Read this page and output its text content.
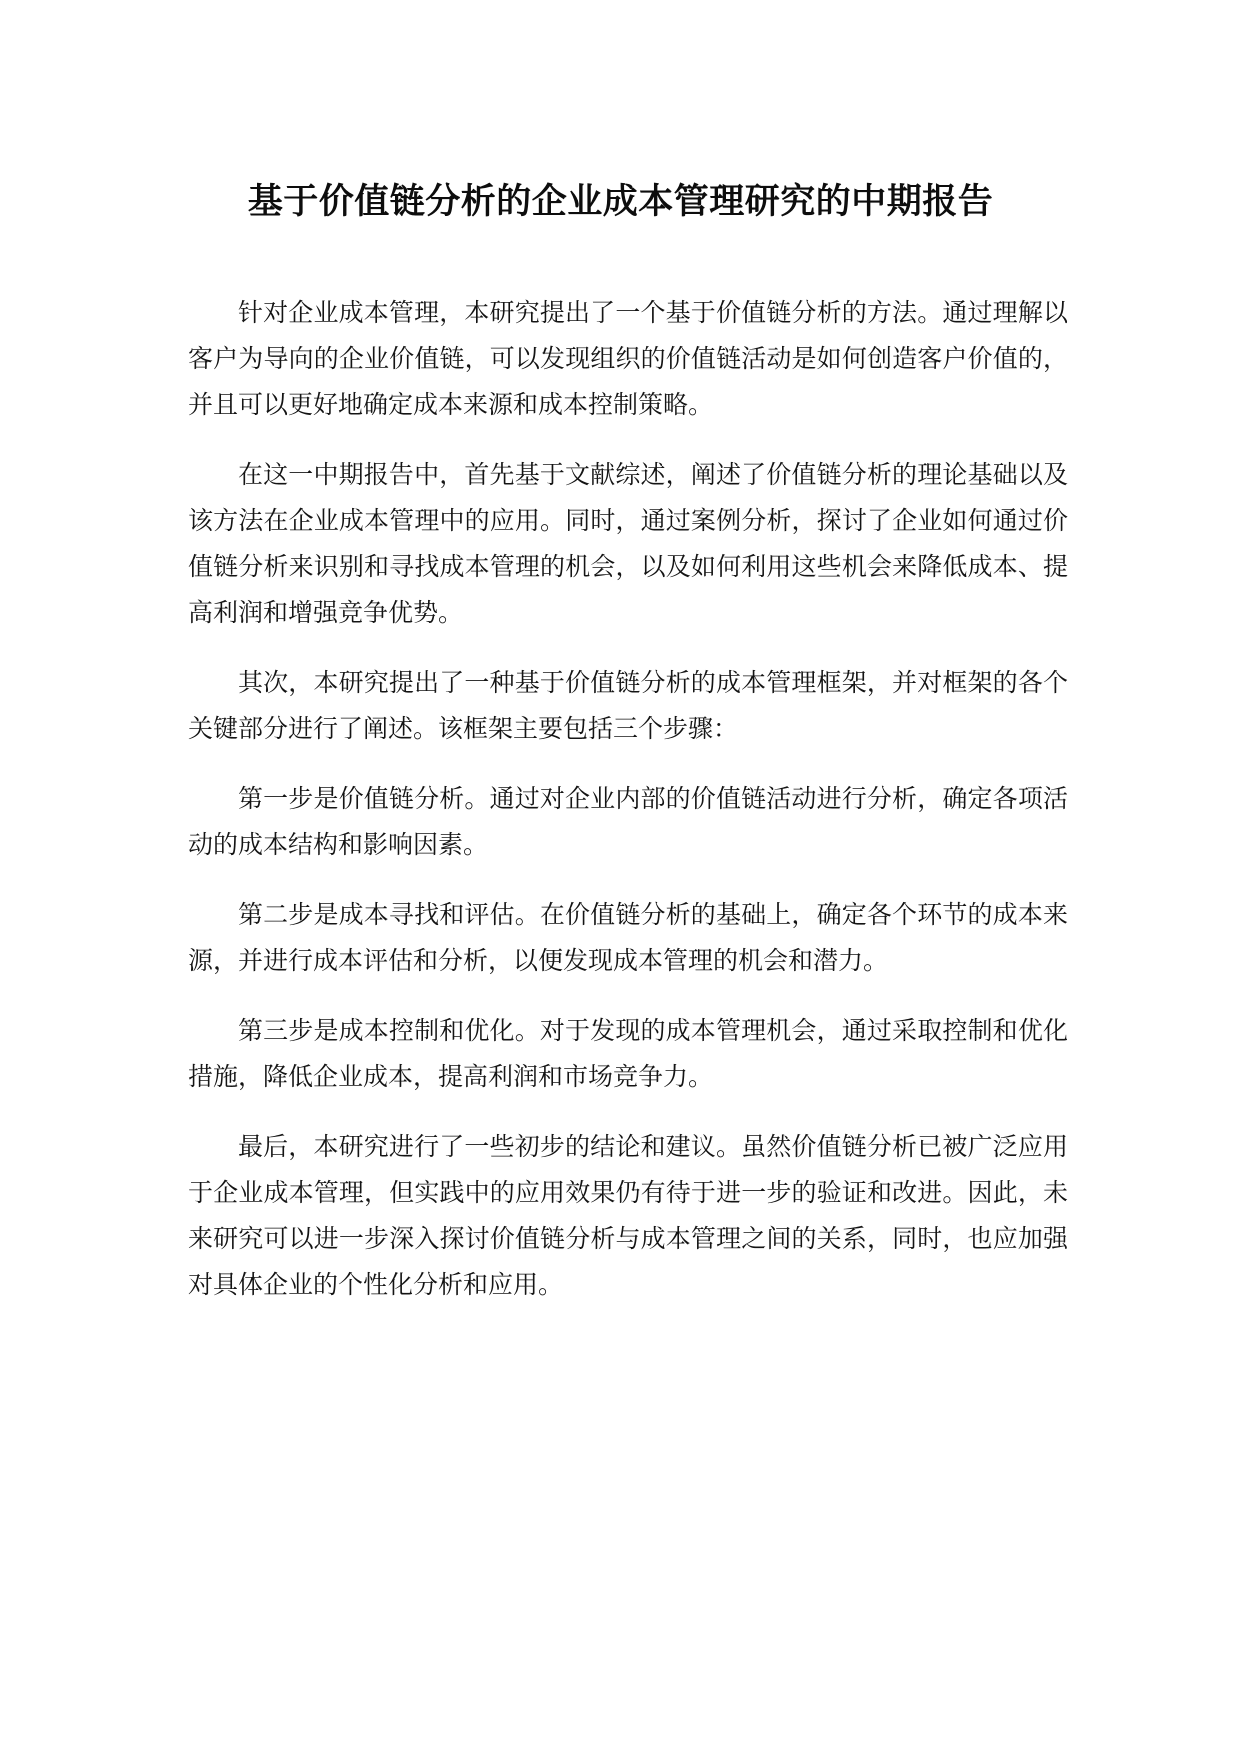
基于价值链分析的企业成本管理研究的中期报告

针对企业成本管理，本研究提出了一个基于价值链分析的方法。通过理解以客户为导向的企业价值链，可以发现组织的价值链活动是如何创造客户价值的，并且可以更好地确定成本来源和成本控制策略。

在这一中期报告中，首先基于文献综述，阐述了价值链分析的理论基础以及该方法在企业成本管理中的应用。同时，通过案例分析，探讨了企业如何通过价值链分析来识别和寻找成本管理的机会，以及如何利用这些机会来降低成本、提高利润和增强竞争优势。

其次，本研究提出了一种基于价值链分析的成本管理框架，并对框架的各个关键部分进行了阐述。该框架主要包括三个步骤：

第一步是价值链分析。通过对企业内部的价值链活动进行分析，确定各项活动的成本结构和影响因素。

第二步是成本寻找和评估。在价值链分析的基础上，确定各个环节的成本来源，并进行成本评估和分析，以便发现成本管理的机会和潜力。

第三步是成本控制和优化。对于发现的成本管理机会，通过采取控制和优化措施，降低企业成本，提高利润和市场竞争力。

最后，本研究进行了一些初步的结论和建议。虽然价值链分析已被广泛应用于企业成本管理，但实践中的应用效果仍有待于进一步的验证和改进。因此，未来研究可以进一步深入探讨价值链分析与成本管理之间的关系，同时，也应加强对具体企业的个性化分析和应用。
